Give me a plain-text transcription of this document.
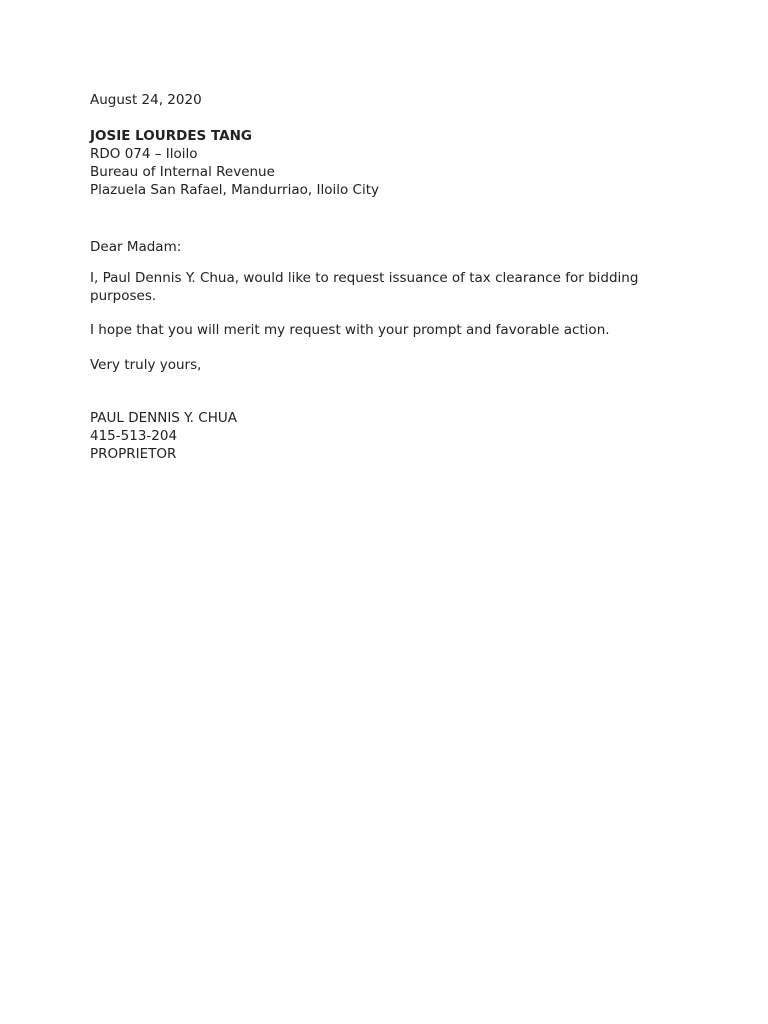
August 24, 2020
JOSIE LOURDES TANG
RDO 074 – Iloilo
Bureau of Internal Revenue
Plazuela San Rafael, Mandurriao, Iloilo City
Dear Madam:

I, Paul Dennis Y. Chua, would like to request issuance of tax clearance for bidding purposes.

I hope that you will merit my request with your prompt and favorable action.

Very truly yours,
PAUL DENNIS Y. CHUA
415-513-204
PROPRIETOR
